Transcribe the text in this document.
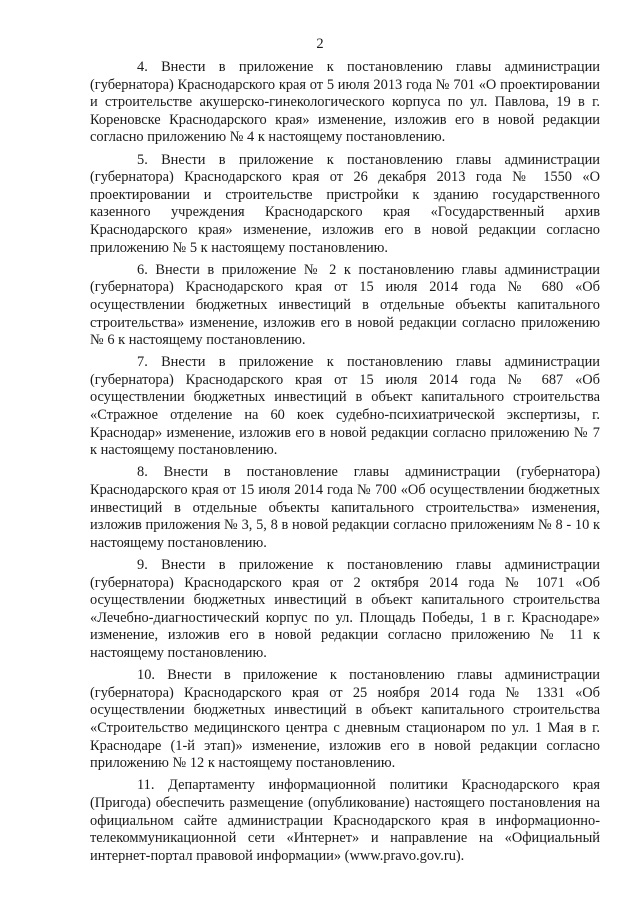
2

4. Внести в приложение к постановлению главы администрации (губернатора) Краснодарского края от 5 июля 2013 года № 701 «О проектировании и строительстве акушерско-гинекологического корпуса по ул. Павлова, 19 в г. Кореновске Краснодарского края» изменение, изложив его в новой редакции согласно приложению № 4 к настоящему постановлению.

5. Внести в приложение к постановлению главы администрации (губернатора) Краснодарского края от 26 декабря 2013 года № 1550 «О проектировании и строительстве пристройки к зданию государственного казенного учреждения Краснодарского края «Государственный архив Краснодарского края» изменение, изложив его в новой редакции согласно приложению № 5 к настоящему постановлению.

6. Внести в приложение № 2 к постановлению главы администрации (губернатора) Краснодарского края от 15 июля 2014 года № 680 «Об осуществлении бюджетных инвестиций в отдельные объекты капитального строительства» изменение, изложив его в новой редакции согласно приложению № 6 к настоящему постановлению.

7. Внести в приложение к постановлению главы администрации (губернатора) Краснодарского края от 15 июля 2014 года № 687 «Об осуществлении бюджетных инвестиций в объект капитального строительства «Стражное отделение на 60 коек судебно-психиатрической экспертизы, г. Краснодар» изменение, изложив его в новой редакции согласно приложению № 7 к настоящему постановлению.

8. Внести в постановление главы администрации (губернатора) Краснодарского края от 15 июля 2014 года № 700 «Об осуществлении бюджетных инвестиций в отдельные объекты капитального строительства» изменения, изложив приложения № 3, 5, 8 в новой редакции согласно приложениям № 8 - 10 к настоящему постановлению.

9. Внести в приложение к постановлению главы администрации (губернатора) Краснодарского края от 2 октября 2014 года № 1071 «Об осуществлении бюджетных инвестиций в объект капитального строительства «Лечебно-диагностический корпус по ул. Площадь Победы, 1 в г. Краснодаре» изменение, изложив его в новой редакции согласно приложению № 11 к настоящему постановлению.

10. Внести в приложение к постановлению главы администрации (губернатора) Краснодарского края от 25 ноября 2014 года № 1331 «Об осуществлении бюджетных инвестиций в объект капитального строительства «Строительство медицинского центра с дневным стационаром по ул. 1 Мая в г. Краснодаре (1-й этап)» изменение, изложив его в новой редакции согласно приложению № 12 к настоящему постановлению.

11. Департаменту информационной политики Краснодарского края (Пригода) обеспечить размещение (опубликование) настоящего постановления на официальном сайте администрации Краснодарского края в информационно-телекоммуникационной сети «Интернет» и направление на «Официальный интернет-портал правовой информации» (www.pravo.gov.ru).
